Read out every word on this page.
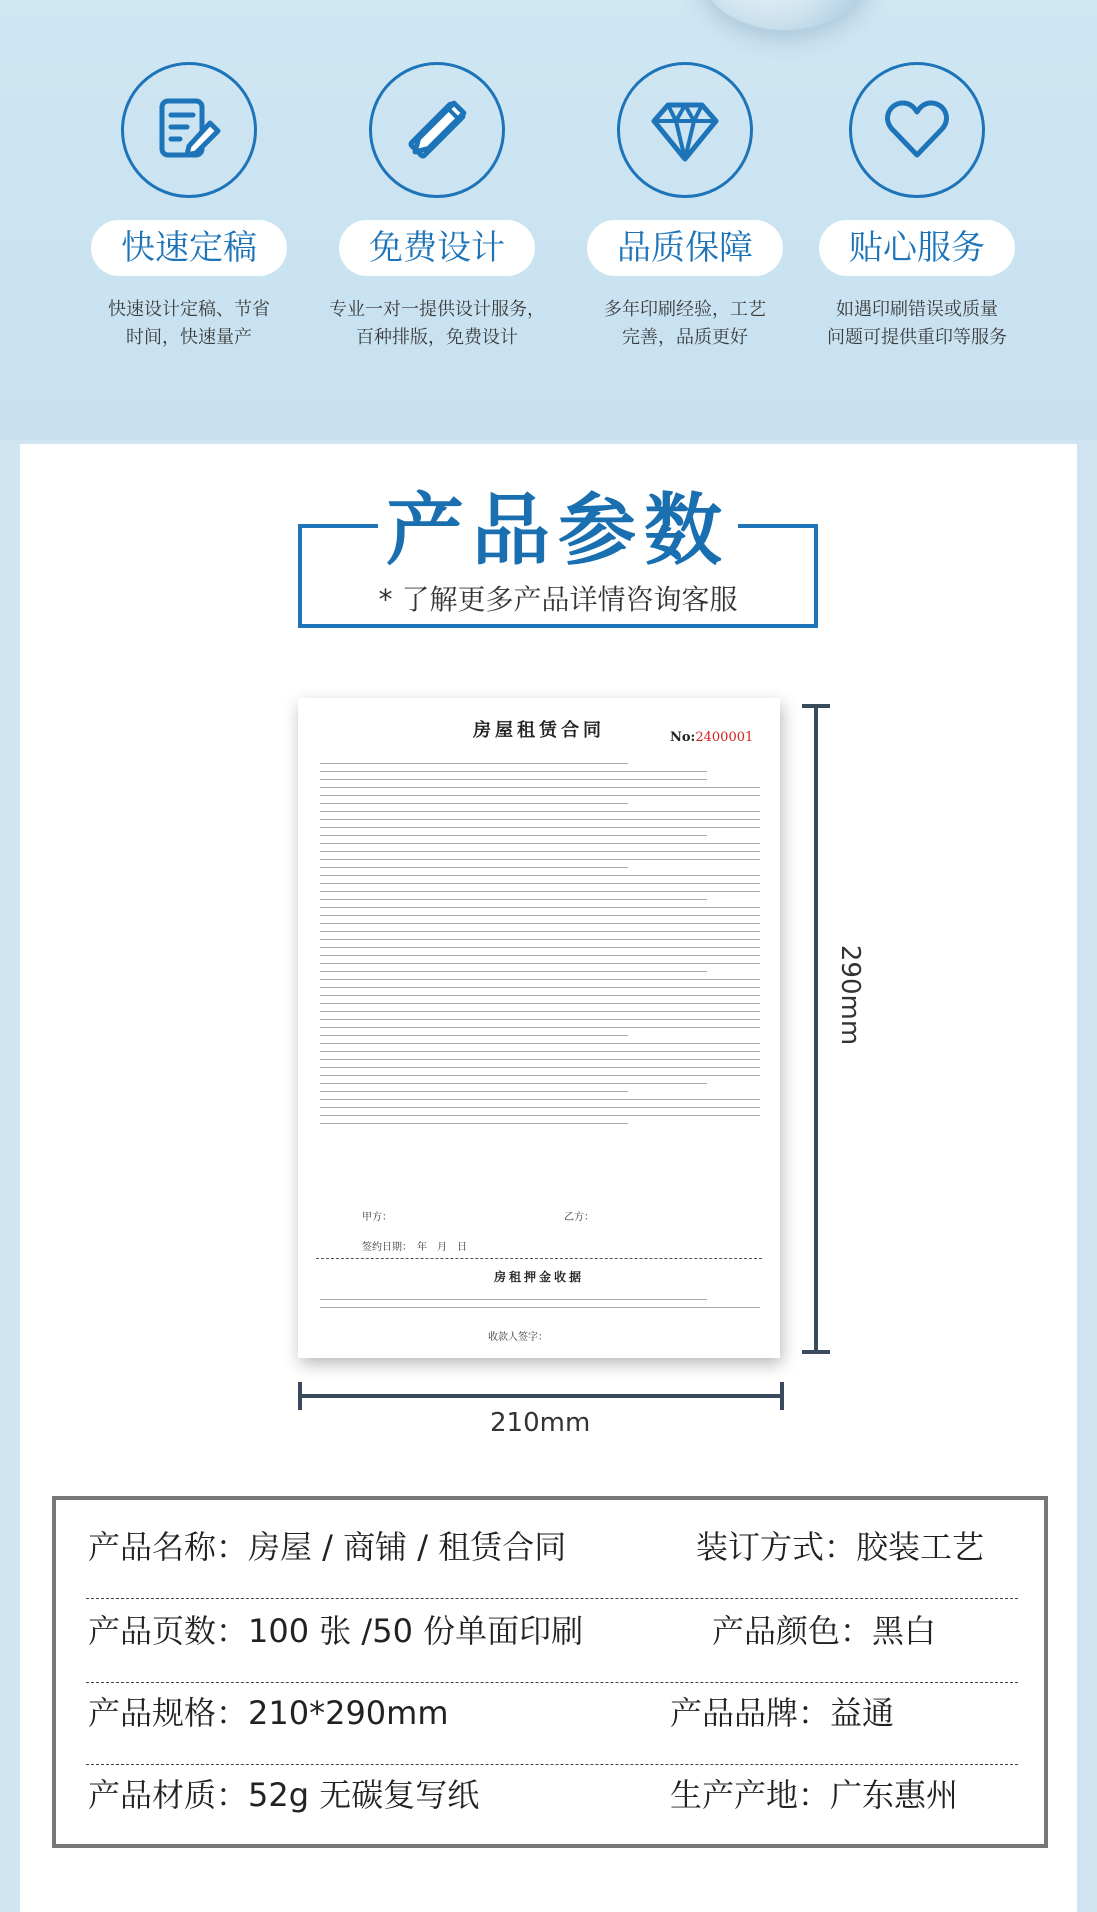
快速定稿
快速设计定稿、节省
时间，快速量产
免费设计
专业一对一提供设计服务，
百种排版，免费设计
品质保障
多年印刷经验，工艺
完善，品质更好
贴心服务
如遇印刷错误或质量
问题可提供重印等服务
产品参数
* 了解更多产品详情咨询客服
房屋租赁合同	No:2400001
甲方：	乙方：
签约日期：　年　月　日
房租押金收据
收款人签字：
290mm
210mm
产品名称：房屋 / 商铺 / 租赁合同	装订方式：胶装工艺
产品页数：100 张 /50 份单面印刷	产品颜色：黑白
产品规格：210*290mm	产品品牌：益通
产品材质：52g 无碳复写纸	生产产地：广东惠州
